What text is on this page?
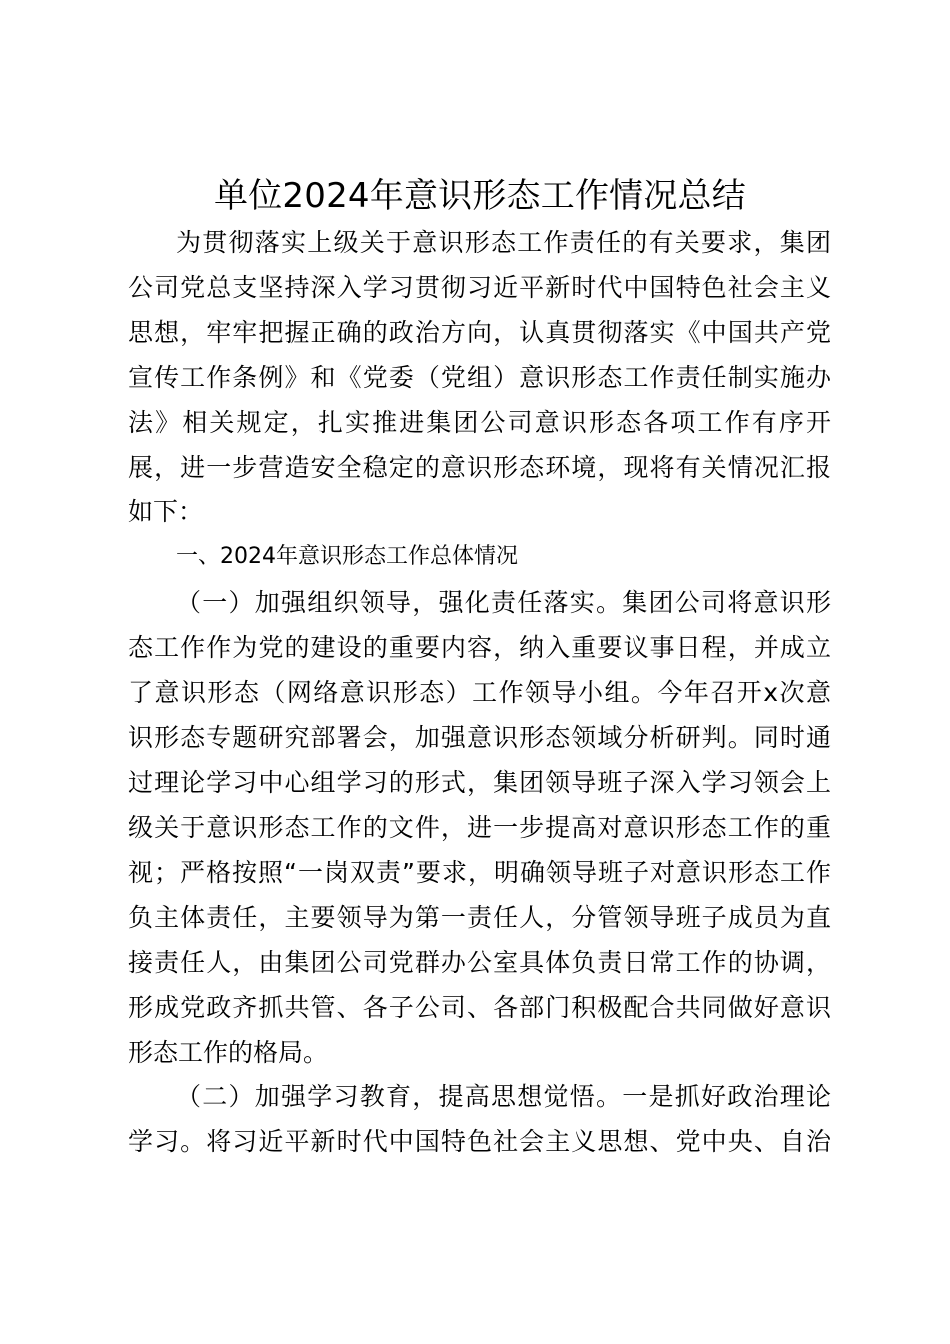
单位2024年意识形态工作情况总结
为贯彻落实上级关于意识形态工作责任的有关要求，集团
公司党总支坚持深入学习贯彻习近平新时代中国特色社会主义
思想，牢牢把握正确的政治方向，认真贯彻落实《中国共产党
宣传工作条例》和《党委（党组）意识形态工作责任制实施办
法》相关规定，扎实推进集团公司意识形态各项工作有序开
展，进一步营造安全稳定的意识形态环境，现将有关情况汇报
如下：
一、2024年意识形态工作总体情况
（一）加强组织领导，强化责任落实。集团公司将意识形
态工作作为党的建设的重要内容，纳入重要议事日程，并成立
了意识形态（网络意识形态）工作领导小组。今年召开x次意
识形态专题研究部署会，加强意识形态领域分析研判。同时通
过理论学习中心组学习的形式，集团领导班子深入学习领会上
级关于意识形态工作的文件，进一步提高对意识形态工作的重
视；严格按照“一岗双责”要求，明确领导班子对意识形态工作
负主体责任，主要领导为第一责任人，分管领导班子成员为直
接责任人，由集团公司党群办公室具体负责日常工作的协调，
形成党政齐抓共管、各子公司、各部门积极配合共同做好意识
形态工作的格局。
（二）加强学习教育，提高思想觉悟。一是抓好政治理论
学习。将习近平新时代中国特色社会主义思想、党中央、自治
